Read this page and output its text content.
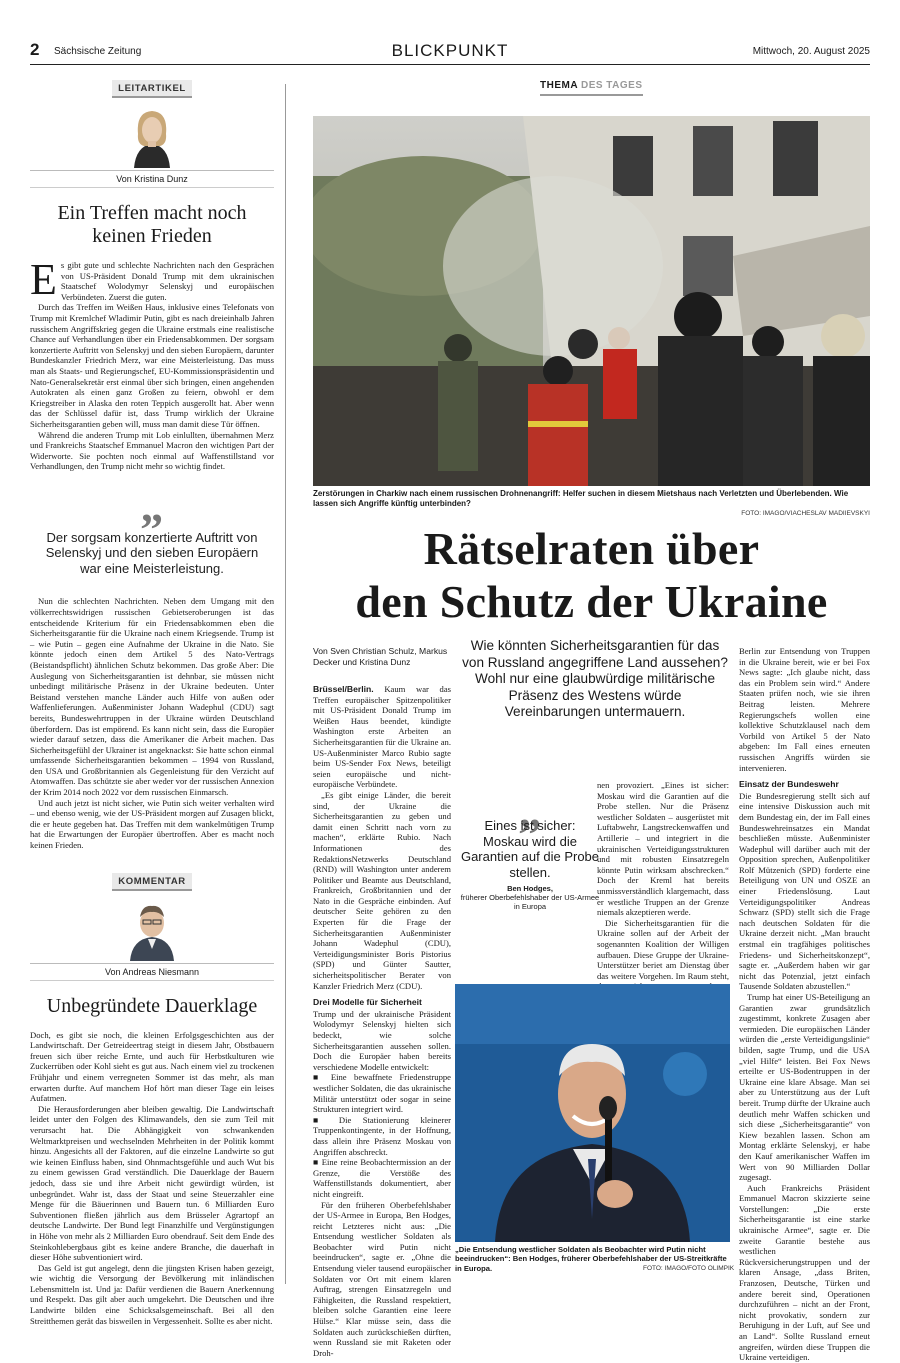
2 Sächsische Zeitung	BLICKPUNKT	Mittwoch, 20. August 2025
LEITARTIKEL
Von Kristina Dunz
Ein Treffen macht noch keinen Frieden

Es gibt gute und schlechte Nachrichten nach den Gesprächen von US-Präsident Donald Trump mit dem ukrainischen Staatschef Wolodymyr Selenskyj und europäischen Verbündeten. Zuerst die guten.

Durch das Treffen im Weißen Haus, inklusive eines Telefonats von Trump mit Kremlchef Wladimir Putin, gibt es nach dreieinhalb Jahren russischem Angriffskrieg gegen die Ukraine erstmals eine realistische Chance auf Verhandlungen über ein Friedensabkommen. Der sorgsam konzertierte Auftritt von Selenskyj und den sieben Europäern, darunter Bundeskanzler Friedrich Merz, war eine Meisterleistung. Das muss man als Staats- und Regierungschef, EU-Kommissionspräsidentin und Nato-Generalsekretär erst einmal über sich bringen, einen angehenden Autokraten als einen ganz Großen zu feiern, obwohl er dem Kriegstreiber in Alaska den roten Teppich ausgerollt hat. Aber wenn das der Schlüssel dafür ist, dass Trump wirklich der Ukraine Sicherheitsgarantien geben will, muss man damit diese Tür öffnen.

Während die anderen Trump mit Lob einlullten, übernahmen Merz und Frankreichs Staatschef Emmanuel Macron den wichtigen Part der Widerworte. Sie pochten noch einmal auf Waffenstillstand vor Verhandlungen, den Trump nicht mehr so wichtig findet.

„
Der sorgsam konzertierte Auftritt von Selenskyj und den sieben Europäern war eine Meisterleistung.

Nun die schlechten Nachrichten. Neben dem Umgang mit den völkerrechtswidrigen russischen Gebietseroberungen ist das entscheidende Kriterium für ein Friedensabkommen eben die Sicherheitsgarantie für die Ukraine nach einem Kriegsende. Trump ist – wie Putin – gegen eine Aufnahme der Ukraine in die Nato. Sie könnte jedoch einen dem Artikel 5 des Nato-Vertrags (Beistandspflicht) ähnlichen Schutz bekommen. Das große Aber: Die Auslegung von Sicherheitsgarantien ist dehnbar, sie müssen nicht unbedingt militärische Präsenz in der Ukraine bedeuten. Unter Beistand verstehen manche Länder auch Hilfe von außen oder Waffenlieferungen. Außenminister Johann Wadephul (CDU) sagt bereits, Bundeswehrtruppen in der Ukraine würden Deutschland überfordern. Das ist empörend. Es kann nicht sein, dass die Europäer wieder darauf setzen, dass die Amerikaner die Arbeit machen. Das Sicherheitsgefühl der Ukrainer ist angeknackst: Sie hatte schon einmal umfassende Sicherheitsgarantien bekommen – 1994 von Russland, den USA und Großbritannien als Gegenleistung für den Verzicht auf Atomwaffen. Das schützte sie aber weder vor der russischen Annexion der Krim 2014 noch 2022 vor dem russischen Einmarsch.

Und auch jetzt ist nicht sicher, wie Putin sich weiter verhalten wird – und ebenso wenig, wie der US-Präsident morgen auf Zusagen blickt, die er heute gegeben hat. Das Treffen mit dem wankelmütigen Trump hat die Erwartungen der Europäer übertroffen. Aber es macht noch keinen Frieden.

KOMMENTAR
Von Andreas Niesmann
Unbegründete Dauerklage

Doch, es gibt sie noch, die kleinen Erfolgsgeschichten aus der Landwirtschaft. Der Getreideertrag steigt in diesem Jahr, Obstbauern freuen sich über reiche Ernte, und auch für Herbstkulturen wie Zuckerrüben oder Kohl sieht es gut aus. Nach einem viel zu trockenen Frühjahr und einem verregneten Sommer ist das mehr, als man erwarten durfte. Auf manchem Hof hört man dieser Tage ein leises Aufatmen.

Die Herausforderungen aber bleiben gewaltig. Die Landwirtschaft leidet unter den Folgen des Klimawandels, den sie zum Teil mit verursacht hat. Die Abhängigkeit von schwankenden Weltmarktpreisen und wechselnden Mehrheiten in der Politik kommt hinzu. Angesichts all der Faktoren, auf die einzelne Landwirte so gut wie keinen Einfluss haben, sind Ohnmachtsgefühle und auch Wut bis zu einem gewissen Grad verständlich. Die Dauerklage der Bauern jedoch, dass sie und ihre Arbeit nicht gewürdigt würden, ist unbegründet. Wahr ist, dass der Staat und seine Steuerzahler eine Menge für die Bäuerinnen und Bauern tun. 6 Milliarden Euro Subventionen fließen jährlich aus dem Brüsseler Agrartopf an deutsche Landwirte. Der Bund legt Finanzhilfe und Vergünstigungen in Höhe von mehr als 2 Milliarden Euro obendrauf. Seit dem Ende des Steinkohlebergbaus gibt es keine andere Branche, die dauerhaft in dieser Höhe subventioniert wird.

Das Geld ist gut angelegt, denn die jüngsten Krisen haben gezeigt, wie wichtig die Versorgung der Bevölkerung mit inländischen Lebensmitteln ist. Und ja: Dafür verdienen die Bauern Anerkennung und Respekt. Das gilt aber auch umgekehrt. Die Deutschen und ihre Landwirte bilden eine Schicksalsgemeinschaft. Bei all den Streitthemen gerät das bisweilen in Vergessenheit. Sollte es aber nicht.

THEMA DES TAGES
Zerstörungen in Charkiw nach einem russischen Drohnenangriff: Helfer suchen in diesem Mietshaus nach Verletzten und Überlebenden. Wie lassen sich Angriffe künftig unterbinden?
FOTO: IMAGO/VIACHESLAV MADIIEVSKYI
Rätselraten über
den Schutz der Ukraine
Von Sven Christian Schulz, Markus Decker und Kristina Dunz
Wie könnten Sicherheitsgarantien für das von Russland angegriffene Land aussehen? Wohl nur eine glaubwürdige militärische Präsenz des Westens würde Vereinbarungen untermauern.

Brüssel/Berlin. Kaum war das Treffen europäischer Spitzenpolitiker mit US-Präsident Donald Trump im Weißen Haus beendet, kündigte Washington erste Arbeiten an Sicherheitsgarantien für die Ukraine an. US-Außenminister Marco Rubio sagte beim US-Sender Fox News, beteiligt seien europäische und nicht-europäische Verbündete.

„Es gibt einige Länder, die bereit sind, der Ukraine die Sicherheitsgarantien zu geben und damit einen Schritt nach vorn zu machen“, erklärte Rubio. Nach Informationen des RedaktionsNetzwerks Deutschland (RND) will Washington unter anderem Politiker und Beamte aus Deutschland, Frankreich, Großbritannien und der Nato in die Gespräche einbinden. Auf deutscher Seite gehören zu den Experten für die Frage der Sicherheitsgarantien Außenminister Johann Wadephul (CDU), Verteidigungsminister Boris Pistorius (SPD) und Günter Sautter, sicherheitspolitischer Berater von Kanzler Friedrich Merz (CDU).

Drei Modelle für Sicherheit

Trump und der ukrainische Präsident Wolodymyr Selenskyj hielten sich bedeckt, wie solche Sicherheitsgarantien aussehen sollen. Doch die Europäer haben bereits verschiedene Modelle entwickelt:

■ Eine bewaffnete Friedenstruppe westlicher Soldaten, die das ukrainische Militär unterstützt oder sogar in seine Strukturen integriert wird.

■ Die Stationierung kleinerer Truppenkontingente, in der Hoffnung, dass allein ihre Präsenz Moskau von Angriffen abschreckt.

■ Eine reine Beobachtermission an der Grenze, die Verstöße des Waffenstillstands dokumentiert, aber nicht eingreift.

Für den früheren Oberbefehlshaber der US-Armee in Europa, Ben Hodges, reicht Letzteres nicht aus: „Die Entsendung westlicher Soldaten als Beobachter wird Putin nicht beeindrucken“, sagte er. „Ohne die Entsendung vieler tausend europäischer Soldaten vor Ort mit einem klaren Auftrag, strengen Einsatzregeln und Fähigkeiten, die Russland respektiert, bleiben solche Garantien eine leere Hülse.“ Klar müsse sein, dass die Soldaten auch zurückschießen dürften, wenn Russland sie mit Raketen oder Droh-

„
Eines ist sicher: Moskau wird die Garantien auf die Probe stellen.
Ben Hodges,
früherer Oberbefehlshaber der US-Armee in Europa

nen provoziert. „Eines ist sicher: Moskau wird die Garantien auf die Probe stellen. Nur die Präsenz westlicher Soldaten – ausgerüstet mit Luftabwehr, Langstreckenwaffen und Artillerie – und integriert in die ukrainischen Verteidigungsstrukturen und mit robusten Einsatzregeln könnte Putin wirksam abschrecken.“ Doch der Kreml hat bereits unmissverständlich klargemacht, dass er westliche Truppen an der Grenze niemals akzeptieren werde.

Die Sicherheitsgarantien für die Ukraine sollen auf der Arbeit der sogenannten Koalition der Willigen aufbauen. Diese Gruppe der Ukraine-Unterstützer beriet am Dienstag über das weitere Vorgehen. Im Raum steht,

„Die Entsendung westlicher Soldaten als Beobachter wird Putin nicht beeindrucken“: Ben Hodges, früherer Oberbefehlshaber der US-Streitkräfte in Europa.	FOTO: IMAGO/FOTO OLIMPIK

Berlin zur Entsendung von Truppen in die Ukraine bereit, wie er bei Fox News sagte: „Ich glaube nicht, dass das ein Problem sein wird.“ Andere Staaten prüfen noch, wie sie ihren Beitrag leisten. Mehrere Regierungschefs wollen eine kollektive Schutzklausel nach dem Vorbild von Artikel 5 der Nato abgeben: Im Fall eines erneuten russischen Angriffs würden sie intervenieren.

Einsatz der Bundeswehr

Die Bundesregierung stellt sich auf eine intensive Diskussion auch mit dem Bundestag ein, der im Fall eines Bundeswehreinsatzes ein Mandat beschließen müsste. Außenminister Wadephul will darüber auch mit der Opposition sprechen, Außenpolitiker Rolf Mützenich (SPD) forderte eine Beteiligung von UN und OSZE an einer Friedenslösung. Laut Verteidigungspolitiker Andreas Schwarz (SPD) stellt sich die Frage nach deutschen Soldaten für die Ukraine derzeit nicht. „Man braucht erstmal ein tragfähiges politisches Friedens- und Sicherheitskonzept“, sagte er. „Außerdem haben wir gar nicht das Potenzial, jetzt einfach Tausende Soldaten abzustellen.“

Trump hat einer US-Beteiligung an Garantien zwar grundsätzlich zugestimmt, konkrete Zusagen aber vermieden. Die europäischen Länder würden die „erste Verteidigungslinie“ bilden, sagte Trump, und die USA „viel Hilfe“ leisten. Bei Fox News erteilte er US-Bodentruppen in der Ukraine eine klare Absage. Man sei aber zu Unterstützung aus der Luft bereit. Trump dürfte der Ukraine auch deutlich mehr Waffen schicken und sich diese „Sicherheitsgarantie“ von Kiew bezahlen lassen. Schon am Montag erklärte Selenskyj, er habe den Kauf amerikanischer Waffen im Wert von 90 Milliarden Dollar zugesagt.

Auch Frankreichs Präsident Emmanuel Macron skizzierte seine Vorstellungen: „Die erste Sicherheitsgarantie ist eine starke ukrainische Armee“, sagte er. Die zweite Garantie bestehe aus westlichen Rückversicherungstruppen und der klaren Ansage, „dass Briten, Franzosen, Deutsche, Türken und andere bereit sind, Operationen durchzuführen – nicht an der Front, nicht provokativ, sondern zur Beruhigung in der Luft, auf See und an Land“. Sollte Russland erneut angreifen, würden diese Truppen die Ukraine verteidigen.
